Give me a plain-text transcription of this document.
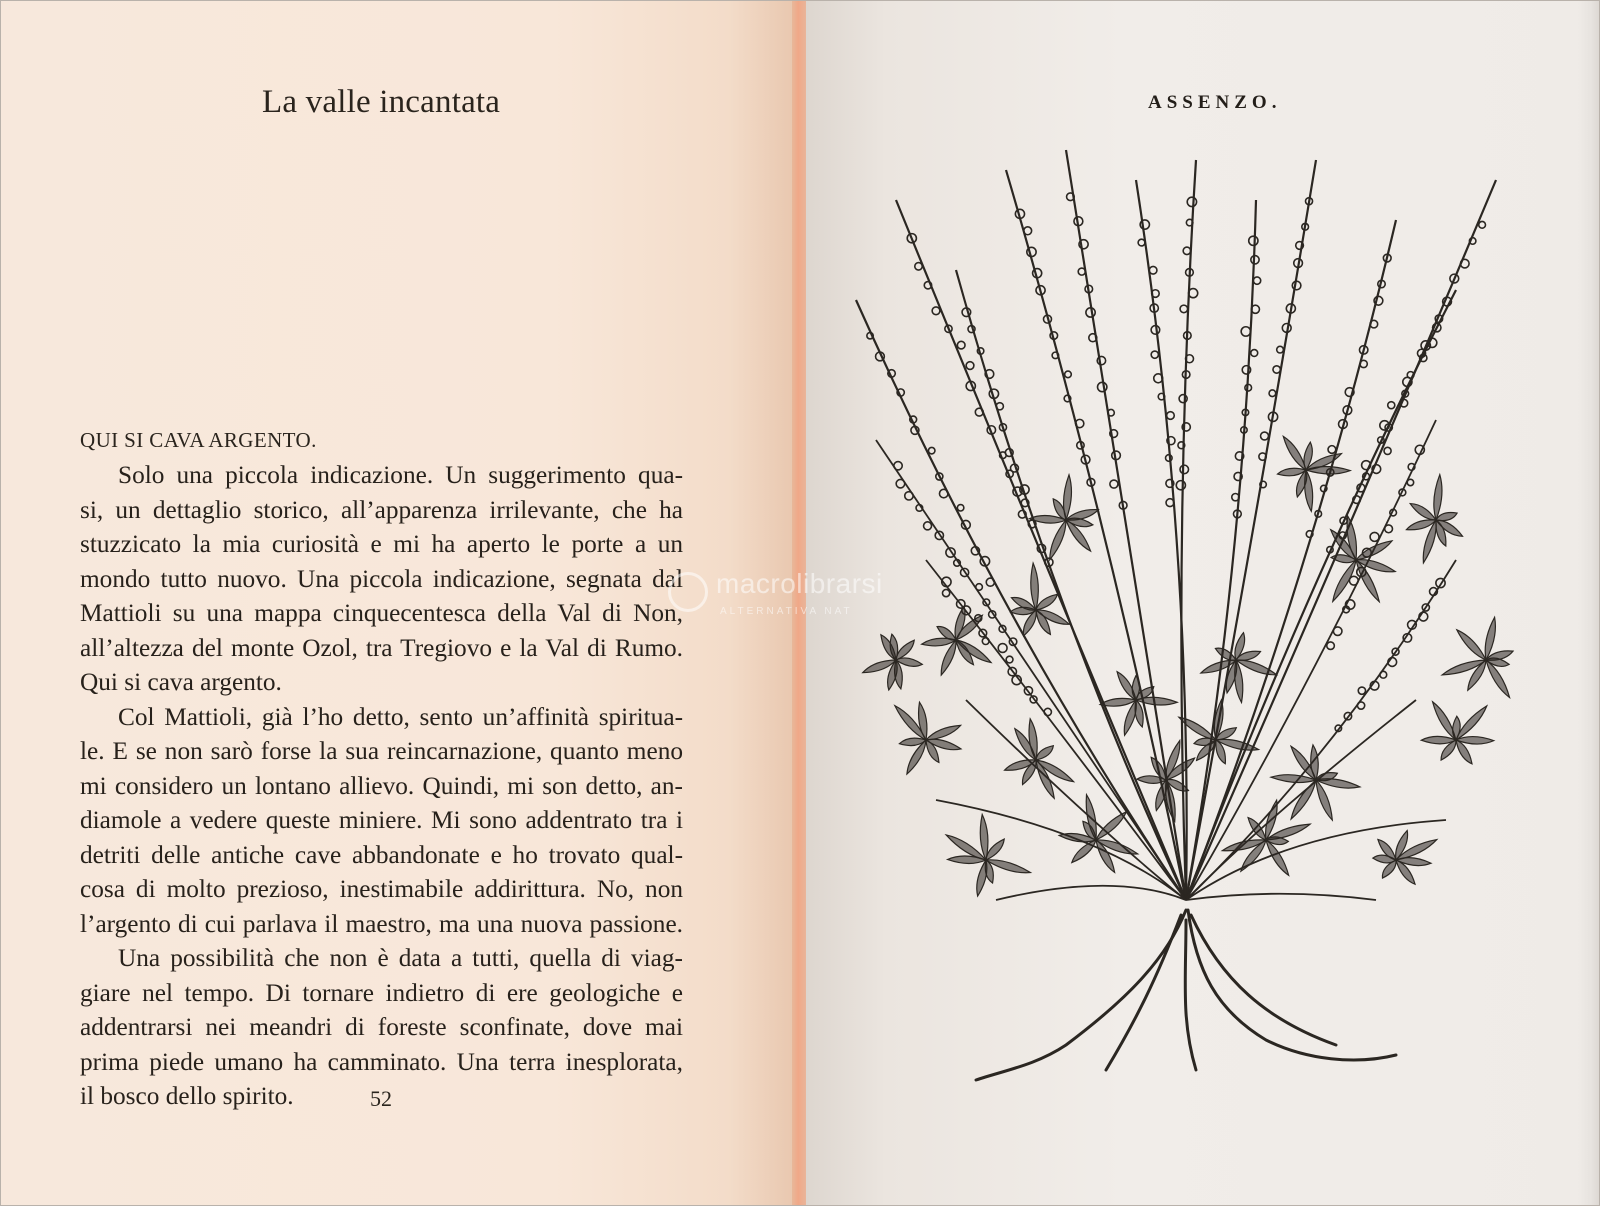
La valle incantata
QUI SI CAVA ARGENTO.
Solo una piccola indicazione. Un suggerimento qua-
si, un dettaglio storico, all’apparenza irrilevante, che ha
stuzzicato la mia curiosità e mi ha aperto le porte a un
mondo tutto nuovo. Una piccola indicazione, segnata dal
Mattioli su una mappa cinquecentesca della Val di Non,
all’altezza del monte Ozol, tra Tregiovo e la Val di Rumo.
Qui si cava argento.
Col Mattioli, già l’ho detto, sento un’affinità spiritua-
le. E se non sarò forse la sua reincarnazione, quanto meno
mi considero un lontano allievo. Quindi, mi son detto, an-
diamole a vedere queste miniere. Mi sono addentrato tra i
detriti delle antiche cave abbandonate e ho trovato qual-
cosa di molto prezioso, inestimabile addirittura. No, non
l’argento di cui parlava il maestro, ma una nuova passione.
Una possibilità che non è data a tutti, quella di viag-
giare nel tempo. Di tornare indietro di ere geologiche e
addentrarsi nei meandri di foreste sconfinate, dove mai
prima piede umano ha camminato. Una terra inesplorata,
il bosco dello spirito.	52
ASSENZO.
macrolibrarsi
ALTERNATIVA NAT
